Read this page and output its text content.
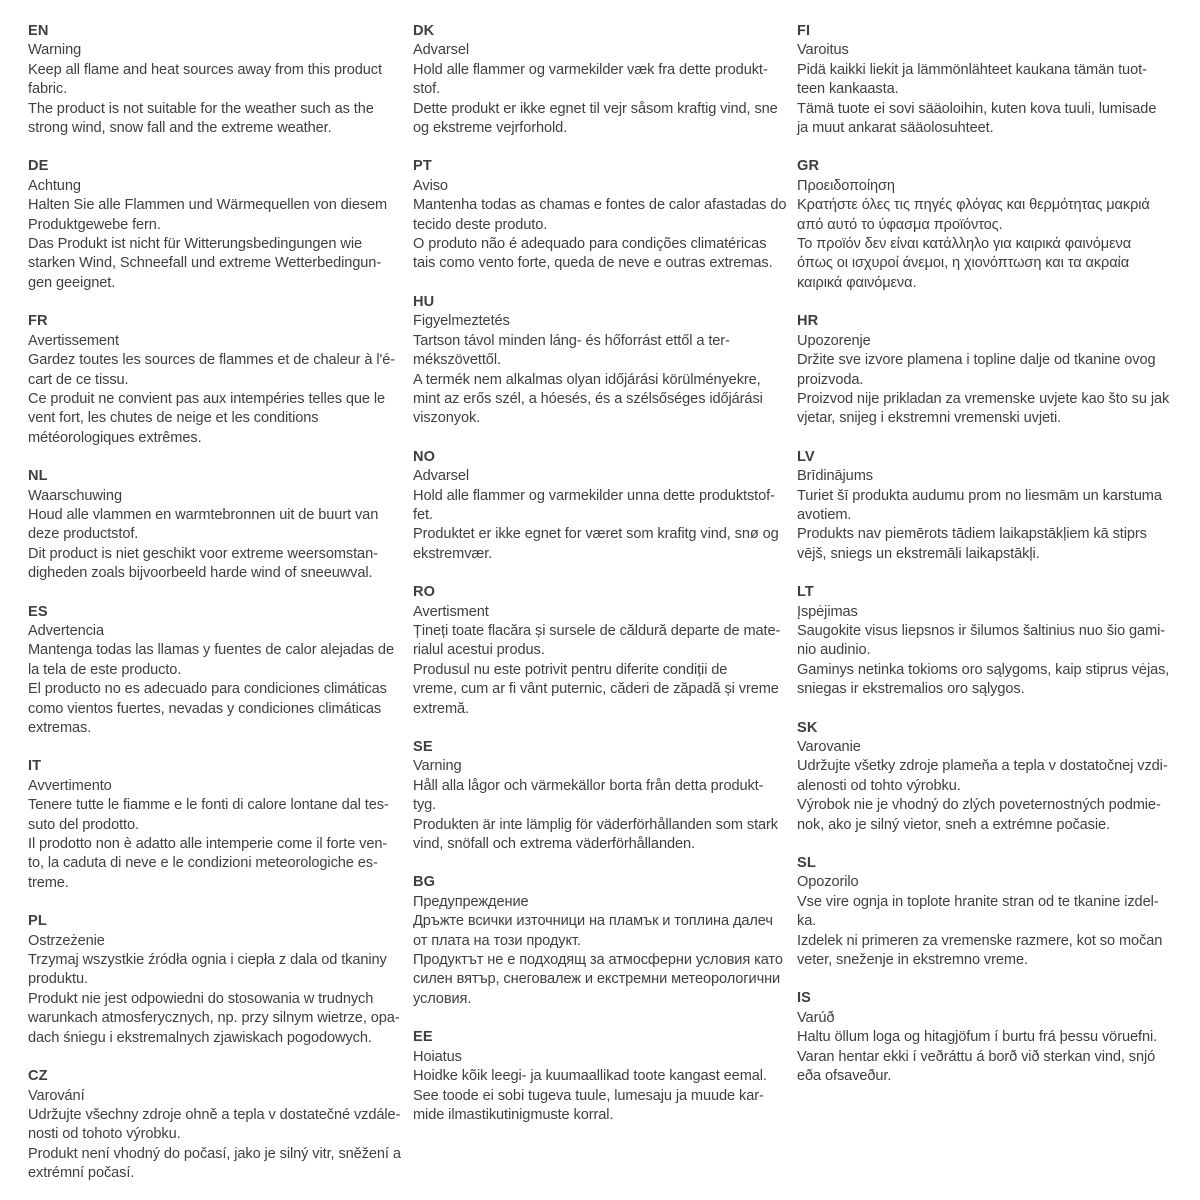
EN
Warning
Keep all flame and heat sources away from this product
fabric.
The product is not suitable for the weather such as the
strong wind, snow fall and the extreme weather.
DE
Achtung
Halten Sie alle Flammen und Wärmequellen von diesem
Produktgewebe fern.
Das Produkt ist nicht für Witterungsbedingungen wie
starken Wind, Schneefall und extreme Wetterbedingun-
gen geeignet.
FR
Avertissement
Gardez toutes les sources de flammes et de chaleur à l'é-
cart de ce tissu.
Ce produit ne convient pas aux intempéries telles que le
vent fort, les chutes de neige et les conditions
météorologiques extrêmes.
NL
Waarschuwing
Houd alle vlammen en warmtebronnen uit de buurt van
deze productstof.
Dit product is niet geschikt voor extreme weersomstan-
digheden zoals bijvoorbeeld harde wind of sneeuwval.
ES
Advertencia
Mantenga todas las llamas y fuentes de calor alejadas de
la tela de este producto.
El producto no es adecuado para condiciones climáticas
como vientos fuertes, nevadas y condiciones climáticas
extremas.
IT
Avvertimento
Tenere tutte le fiamme e le fonti di calore lontane dal tes-
suto del prodotto.
Il prodotto non è adatto alle intemperie come il forte ven-
to, la caduta di neve e le condizioni meteorologiche es-
treme.
PL
Ostrzeżenie
Trzymaj wszystkie źródła ognia i ciepła z dala od tkaniny
produktu.
Produkt nie jest odpowiedni do stosowania w trudnych
warunkach atmosferycznych, np. przy silnym wietrze, opa-
dach śniegu i ekstremalnych zjawiskach pogodowych.
CZ
Varování
Udržujte všechny zdroje ohně a tepla v dostatečné vzdále-
nosti od tohoto výrobku.
Produkt není vhodný do počasí, jako je silný vitr, sněžení a
extrémní počasí.
DK
Advarsel
Hold alle flammer og varmekilder væk fra dette produkt-
stof.
Dette produkt er ikke egnet til vejr såsom kraftig vind, sne
og ekstreme vejrforhold.
PT
Aviso
Mantenha todas as chamas e fontes de calor afastadas do
tecido deste produto.
O produto não é adequado para condições climatéricas
tais como vento forte, queda de neve e outras extremas.
HU
Figyelmeztetés
Tartson távol minden láng- és hőforrást ettől a ter-
mékszövettől.
A termék nem alkalmas olyan időjárási körülményekre,
mint az erős szél, a hóesés, és a szélsőséges időjárási
viszonyok.
NO
Advarsel
Hold alle flammer og varmekilder unna dette produktstof-
fet.
Produktet er ikke egnet for været som krafitg vind, snø og
ekstremvær.
RO
Avertisment
Țineți toate flacăra și sursele de căldură departe de mate-
rialul acestui produs.
Produsul nu este potrivit pentru diferite condiții de
vreme, cum ar fi vânt puternic, căderi de zăpadă și vreme
extremă.
SE
Varning
Håll alla lågor och värmekällor borta från detta produkt-
tyg.
Produkten är inte lämplig för väderförhållanden som stark
vind, snöfall och extrema väderförhållanden.
BG
Предупреждение
Дръжте всички източници на пламък и топлина далеч
от плата на този продукт.
Продуктът не е подходящ за атмосферни условия като
силен вятър, снеговалеж и екстремни метеорологични
условия.
EE
Hoiatus
Hoidke kõik leegi- ja kuumaallikad toote kangast eemal.
See toode ei sobi tugeva tuule, lumesaju ja muude kar-
mide ilmastikutinigmuste korral.
FI
Varoitus
Pidä kaikki liekit ja lämmönlähteet kaukana tämän tuot-
teen kankaasta.
Tämä tuote ei sovi sääoloihin, kuten kova tuuli, lumisade
ja muut ankarat sääolosuhteet.
GR
Προειδοποίηση
Κρατήστε όλες τις πηγές φλόγας και θερμότητας μακριά
από αυτό το ύφασμα προϊόντος.
Το προϊόν δεν είναι κατάλληλο για καιρικά φαινόμενα
όπως οι ισχυροί άνεμοι, η χιονόπτωση και τα ακραία
καιρικά φαινόμενα.
HR
Upozorenje
Držite sve izvore plamena i topline dalje od tkanine ovog
proizvoda.
Proizvod nije prikladan za vremenske uvjete kao što su jak
vjetar, snijeg i ekstremni vremenski uvjeti.
LV
Brīdinājums
Turiet šī produkta audumu prom no liesmām un karstuma
avotiem.
Produkts nav piemērots tādiem laikapstākļiem kā stiprs
vējš, sniegs un ekstremāli laikapstākļi.
LT
Įspėjimas
Saugokite visus liepsnos ir šilumos šaltinius nuo šio gami-
nio audinio.
Gaminys netinka tokioms oro sąlygoms, kaip stiprus vėjas,
sniegas ir ekstremalios oro sąlygos.
SK
Varovanie
Udržujte všetky zdroje plameňa a tepla v dostatočnej vzdi-
alenosti od tohto výrobku.
Výrobok nie je vhodný do zlých poveternostných podmie-
nok, ako je silný vietor, sneh a extrémne počasie.
SL
Opozorilo
Vse vire ognja in toplote hranite stran od te tkanine izdel-
ka.
Izdelek ni primeren za vremenske razmere, kot so močan
veter, sneženje in ekstremno vreme.
IS
Varúð
Haltu öllum loga og hitagjöfum í burtu frá þessu vöruefni.
Varan hentar ekki í veðráttu á borð við sterkan vind, snjó
eða ofsaveður.
